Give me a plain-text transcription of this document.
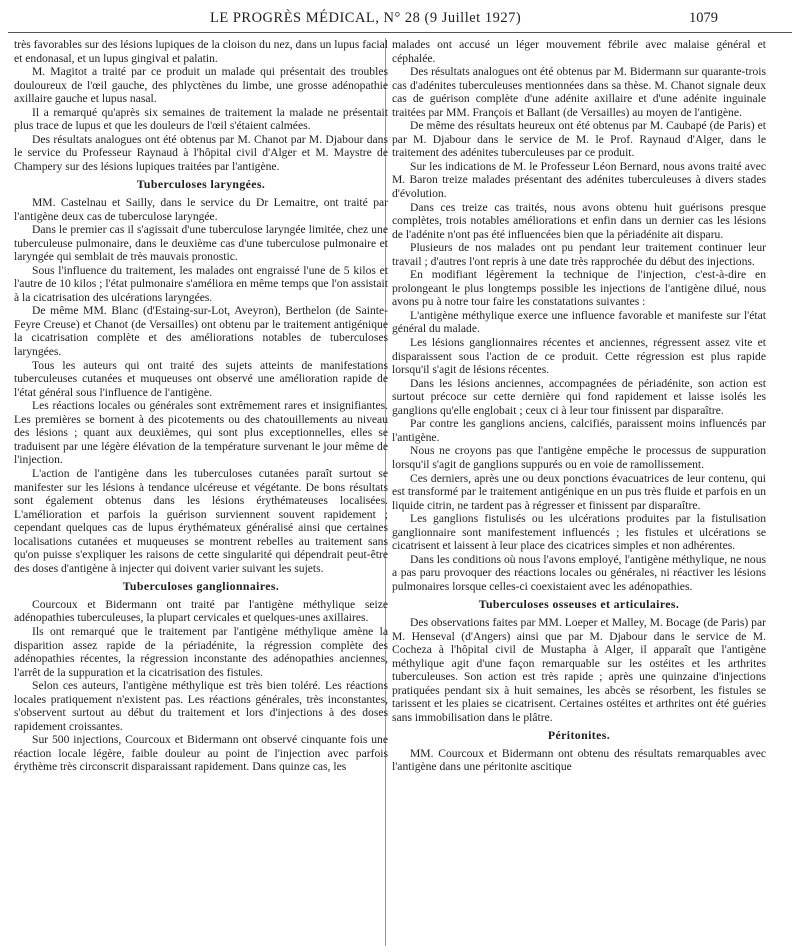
LE PROGRÈS MÉDICAL, N° 28 (9 Juillet 1927)	1079

très favorables sur des lésions lupiques de la cloison du nez, dans un lupus facial et endonasal, et un lupus gingival et palatin.

M. Magitot a traité par ce produit un malade qui présentait des troubles douloureux de l'œil gauche, des phlyctènes du limbe, une grosse adénopathie axillaire gauche et lupus nasal.

Il a remarqué qu'après six semaines de traitement la malade ne présentait plus trace de lupus et que les douleurs de l'œil s'étaient calmées.

Des résultats analogues ont été obtenus par M. Chanot par M. Djabour dans le service du Professeur Raynaud à l'hôpital civil d'Alger et M. Maystre de Champery sur des lésions lupiques traitées par l'antigène.

Tuberculoses laryngées.

MM. Castelnau et Sailly, dans le service du Dr Lemaitre, ont traité par l'antigène deux cas de tuberculose laryngée.

Dans le premier cas il s'agissait d'une tuberculose laryngée limitée, chez une tuberculeuse pulmonaire, dans le deuxième cas d'une tuberculose pulmonaire et laryngée qui semblait de très mauvais pronostic.

Sous l'influence du traitement, les malades ont engraissé l'une de 5 kilos et l'autre de 10 kilos ; l'état pulmonaire s'améliora en même temps que l'on assistait à la cicatrisation des ulcérations laryngées.

De même MM. Blanc (d'Estaing-sur-Lot, Aveyron), Berthelon (de Sainte-Feyre Creuse) et Chanot (de Versailles) ont obtenu par le traitement antigénique la cicatrisation complète et des améliorations notables de tuberculoses laryngées.

Tous les auteurs qui ont traité des sujets atteints de manifestations tuberculeuses cutanées et muqueuses ont observé une amélioration rapide de l'état général sous l'influence de l'antigène.

Les réactions locales ou générales sont extrêmement rares et insignifiantes. Les premières se bornent à des picotements ou des chatouillements au niveau des lésions ; quant aux deuxièmes, qui sont plus exceptionnelles, elles se traduisent par une légère élévation de la température survenant le jour même de l'injection.

L'action de l'antigène dans les tuberculoses cutanées paraît surtout se manifester sur les lésions à tendance ulcéreuse et végétante. De bons résultats sont également obtenus dans les lésions érythémateuses localisées. L'amélioration et parfois la guérison surviennent souvent rapidement ; cependant quelques cas de lupus érythémateux généralisé ainsi que certaines localisations cutanées et muqueuses se montrent rebelles au traitement sans qu'on puisse s'expliquer les raisons de cette singularité qui dépendrait peut-être des doses d'antigène à injecter qui doivent varier suivant les sujets.

Tuberculoses ganglionnaires.

Courcoux et Bidermann ont traité par l'antigène méthylique seize adénopathies tuberculeuses, la plupart cervicales et quelques-unes axillaires.

Ils ont remarqué que le traitement par l'antigène méthylique amène la disparition assez rapide de la périadénite, la régression complète des adénopathies récentes, la régression inconstante des adénopathies anciennes, l'arrêt de la suppuration et la cicatrisation des fistules.

Selon ces auteurs, l'antigène méthylique est très bien toléré. Les réactions locales pratiquement n'existent pas. Les réactions générales, très inconstantes, s'observent surtout au début du traitement et lors d'injections à des doses rapidement croissantes.

Sur 500 injections, Courcoux et Bidermann ont observé cinquante fois une réaction locale légère, faible douleur au point de l'injection avec parfois érythème très circonscrit disparaissant rapidement. Dans quinze cas, les

malades ont accusé un léger mouvement fébrile avec malaise général et céphalée.

Des résultats analogues ont été obtenus par M. Bidermann sur quarante-trois cas d'adénites tuberculeuses mentionnées dans sa thèse. M. Chanot signale deux cas de guérison complète d'une adénite axillaire et d'une adénite inguinale traitées par MM. François et Ballant (de Versailles) au moyen de l'antigène.

De même des résultats heureux ont été obtenus par M. Caubapé (de Paris) et par M. Djabour dans le service de M. le Prof. Raynaud d'Alger, dans le traitement des adénites tuberculeuses par ce produit.

Sur les indications de M. le Professeur Léon Bernard, nous avons traité avec M. Baron treize malades présentant des adénites tuberculeuses à divers stades d'évolution.

Dans ces treize cas traités, nous avons obtenu huit guérisons presque complètes, trois notables améliorations et enfin dans un dernier cas les lésions de l'adénite n'ont pas été influencées bien que la périadénite ait disparu.

Plusieurs de nos malades ont pu pendant leur traitement continuer leur travail ; d'autres l'ont repris à une date très rapprochée du début des injections.

En modifiant légèrement la technique de l'injection, c'est-à-dire en prolongeant le plus longtemps possible les injections de l'antigène dilué, nous avons pu à notre tour faire les constatations suivantes :

L'antigène méthylique exerce une influence favorable et manifeste sur l'état général du malade.

Les lésions ganglionnaires récentes et anciennes, régressent assez vite et disparaissent sous l'action de ce produit. Cette régression est plus rapide lorsqu'il s'agit de lésions récentes.

Dans les lésions anciennes, accompagnées de périadénite, son action est surtout précoce sur cette dernière qui fond rapidement et laisse isolés les ganglions qu'elle englobait ; ceux ci à leur tour finissent par disparaître.

Par contre les ganglions anciens, calcifiés, paraissent moins influencés par l'antigène.

Nous ne croyons pas que l'antigène empêche le processus de suppuration lorsqu'il s'agit de ganglions suppurés ou en voie de ramollissement.

Ces derniers, après une ou deux ponctions évacuatrices de leur contenu, qui est transformé par le traitement antigénique en un pus très fluide et parfois en un liquide citrin, ne tardent pas à régresser et finissent par disparaître.

Les ganglions fistulisés ou les ulcérations produites par la fistulisation ganglionnaire sont manifestement influencés ; les fistules et ulcérations se cicatrisent et laissent à leur place des cicatrices simples et non adhérentes.

Dans les conditions où nous l'avons employé, l'antigène méthylique, ne nous a pas paru provoquer des réactions locales ou générales, ni réactiver les lésions pulmonaires lorsque celles-ci coexistaient avec les adénopathies.

Tuberculoses osseuses et articulaires.

Des observations faites par MM. Loeper et Malley, M. Bocage (de Paris) par M. Henseval (d'Angers) ainsi que par M. Djabour dans le service de M. Cocheza à l'hôpital civil de Mustapha à Alger, il apparaît que l'antigène méthylique agit d'une façon remarquable sur les ostéites et les arthrites tuberculeuses. Son action est très rapide ; après une quinzaine d'injections pratiquées pendant six à huit semaines, les abcès se résorbent, les fistules se tarissent et les plaies se cicatrisent. Certaines ostéites et arthrites ont été guéries sans immobilisation dans le plâtre.

Péritonites.

MM. Courcoux et Bidermann ont obtenu des résultats remarquables avec l'antigène dans une péritonite ascitique
